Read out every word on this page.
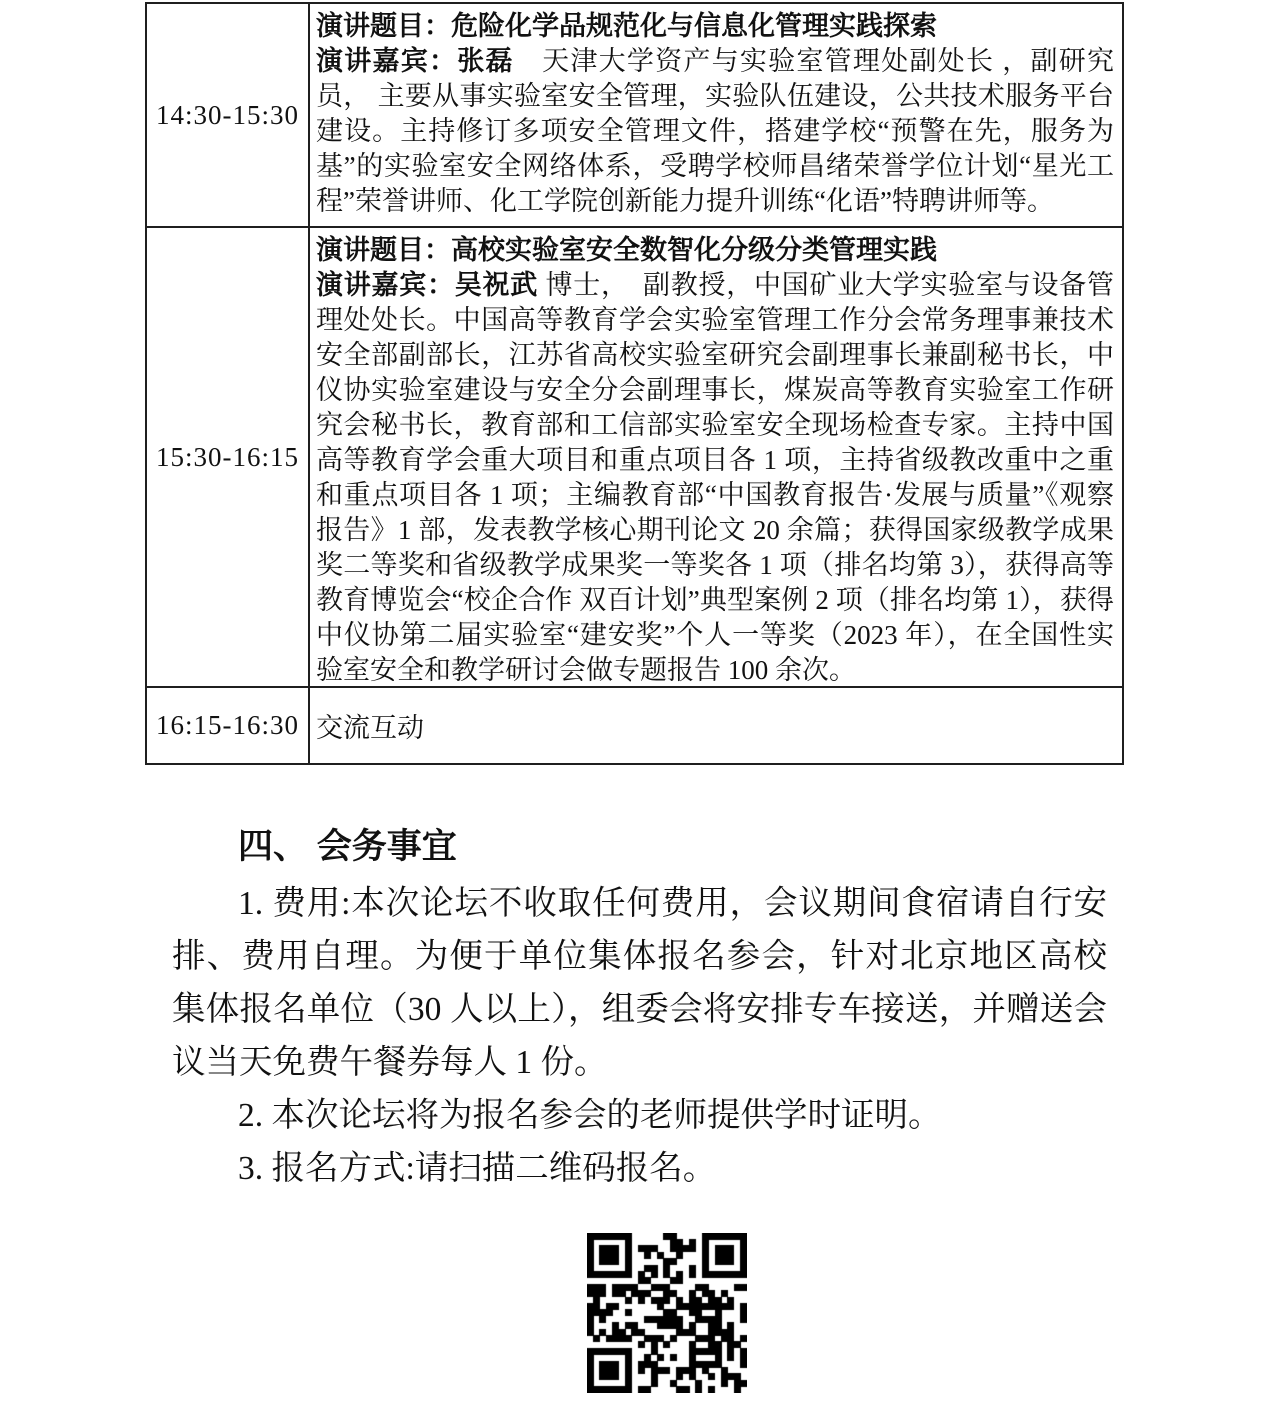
14:30-15:30
演讲题目：危险化学品规范化与信息化管理实践探索
演讲嘉宾：张磊　天津大学资产与实验室管理处副处长 ，副研究员， 主要从事实验室安全管理，实验队伍建设，公共技术服务平台建设。主持修订多项安全管理文件，搭建学校“预警在先，服务为基”的实验室安全网络体系，受聘学校师昌绪荣誉学位计划“星光工程”荣誉讲师、化工学院创新能力提升训练“化语”特聘讲师等。
15:30-16:15
演讲题目：高校实验室安全数智化分级分类管理实践
演讲嘉宾：吴祝武 博士，　副教授，中国矿业大学实验室与设备管理处处长。中国高等教育学会实验室管理工作分会常务理事兼技术安全部副部长，江苏省高校实验室研究会副理事长兼副秘书长，中仪协实验室建设与安全分会副理事长，煤炭高等教育实验室工作研究会秘书长，教育部和工信部实验室安全现场检查专家。主持中国高等教育学会重大项目和重点项目各 1 项，主持省级教改重中之重和重点项目各 1 项；主编教育部“中国教育报告·发展与质量”《观察报告》1 部，发表教学核心期刊论文 20 余篇；获得国家级教学成果奖二等奖和省级教学成果奖一等奖各 1 项（排名均第 3），获得高等教育博览会“校企合作 双百计划”典型案例 2 项（排名均第 1），获得中仪协第二届实验室“建安奖”个人一等奖（2023 年），在全国性实验室安全和教学研讨会做专题报告 100 余次。
16:15-16:30 交流互动
四、 会务事宜

1. 费用:本次论坛不收取任何费用，会议期间食宿请自行安排、费用自理。为便于单位集体报名参会，针对北京地区高校集体报名单位（30 人以上），组委会将安排专车接送，并赠送会议当天免费午餐券每人 1 份。

2. 本次论坛将为报名参会的老师提供学时证明。

3. 报名方式:请扫描二维码报名。
